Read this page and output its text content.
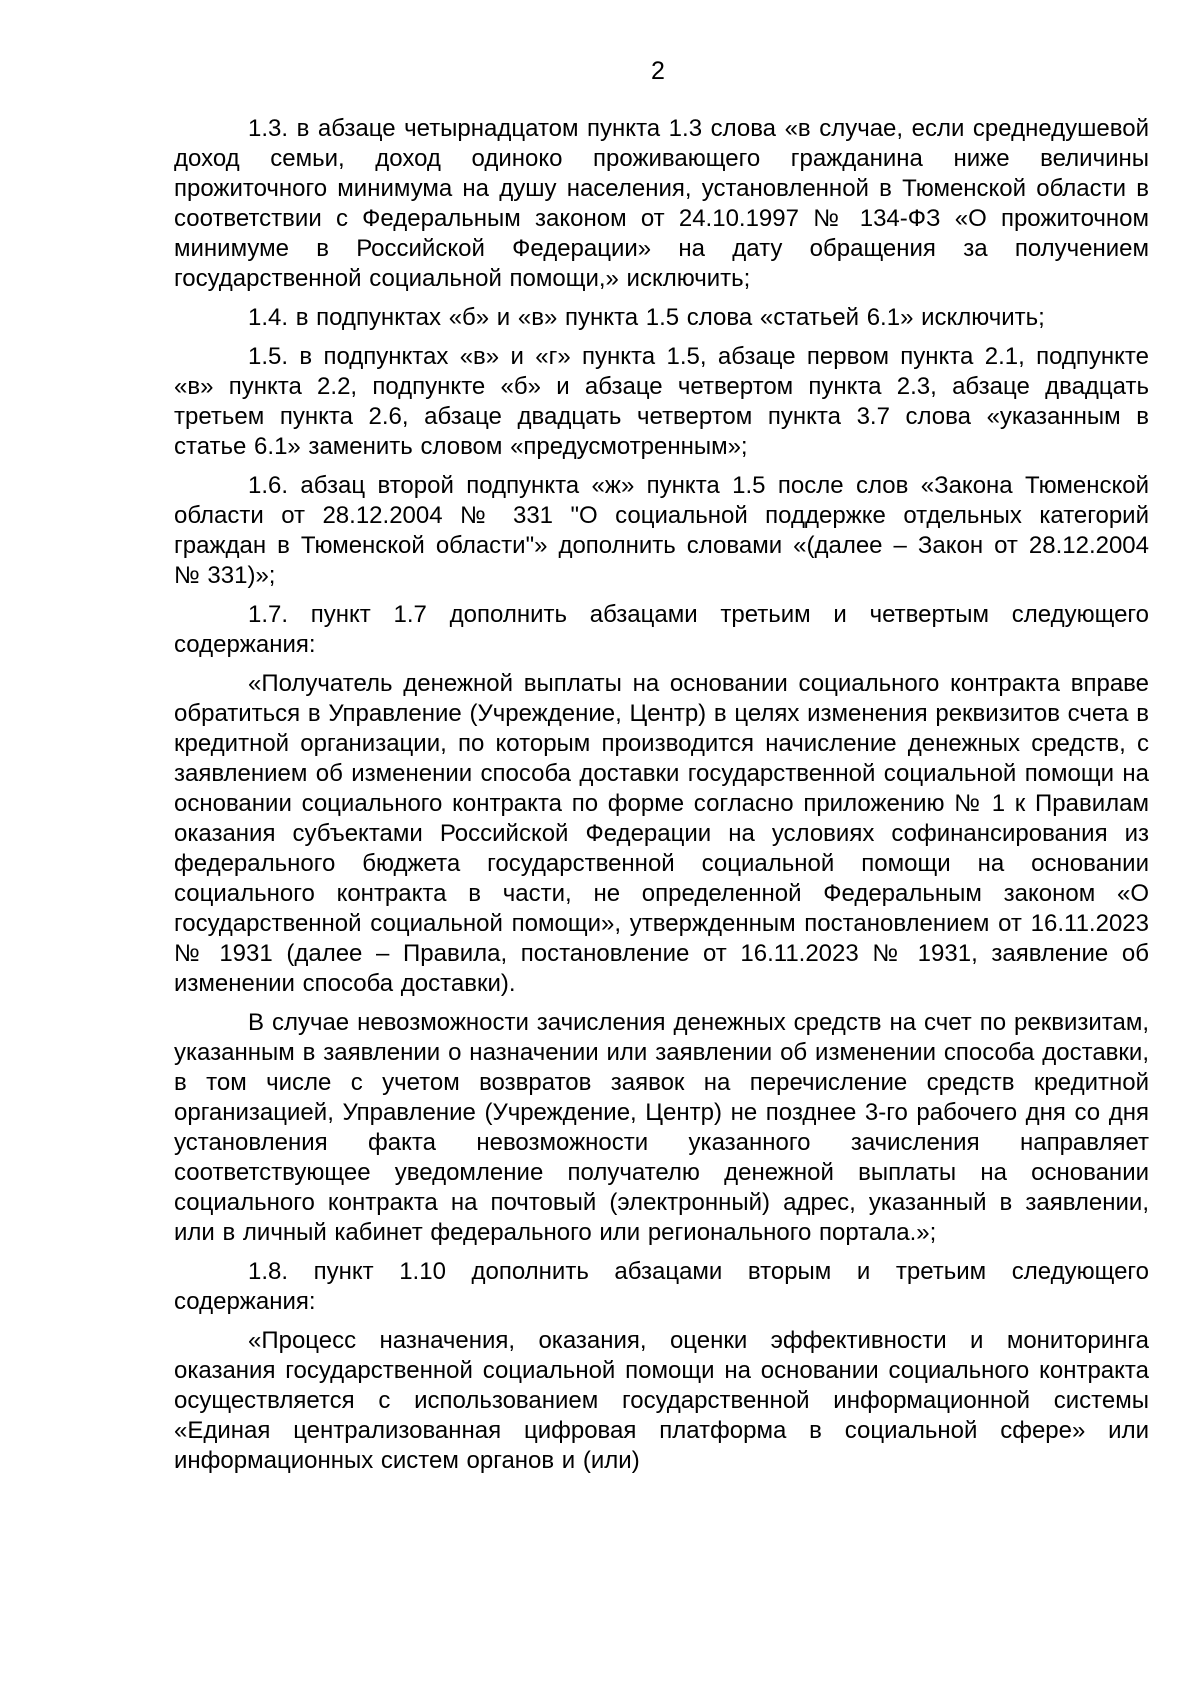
2

1.3. в абзаце четырнадцатом пункта 1.3 слова «в случае, если среднедушевой доход семьи, доход одиноко проживающего гражданина ниже величины прожиточного минимума на душу населения, установленной в Тюменской области в соответствии с Федеральным законом от 24.10.1997 № 134-ФЗ «О прожиточном минимуме в Российской Федерации» на дату обращения за получением государственной социальной помощи,» исключить;

1.4. в подпунктах «б» и «в» пункта 1.5 слова «статьей 6.1» исключить;

1.5. в подпунктах «в» и «г» пункта 1.5, абзаце первом пункта 2.1, подпункте «в» пункта 2.2, подпункте «б» и абзаце четвертом пункта 2.3, абзаце двадцать третьем пункта 2.6, абзаце двадцать четвертом пункта 3.7 слова «указанным в статье 6.1» заменить словом «предусмотренным»;

1.6. абзац второй подпункта «ж» пункта 1.5 после слов «Закона Тюменской области от 28.12.2004 № 331 "О социальной поддержке отдельных категорий граждан в Тюменской области"» дополнить словами «(далее – Закон от 28.12.2004 № 331)»;

1.7. пункт 1.7 дополнить абзацами третьим и четвертым следующего содержания:

«Получатель денежной выплаты на основании социального контракта вправе обратиться в Управление (Учреждение, Центр) в целях изменения реквизитов счета в кредитной организации, по которым производится начисление денежных средств, с заявлением об изменении способа доставки государственной социальной помощи на основании социального контракта по форме согласно приложению № 1 к Правилам оказания субъектами Российской Федерации на условиях софинансирования из федерального бюджета государственной социальной помощи на основании социального контракта в части, не определенной Федеральным законом «О государственной социальной помощи», утвержденным постановлением от 16.11.2023 № 1931 (далее – Правила, постановление от 16.11.2023 № 1931, заявление об изменении способа доставки).

В случае невозможности зачисления денежных средств на счет по реквизитам, указанным в заявлении о назначении или заявлении об изменении способа доставки, в том числе с учетом возвратов заявок на перечисление средств кредитной организацией, Управление (Учреждение, Центр) не позднее 3-го рабочего дня со дня установления факта невозможности указанного зачисления направляет соответствующее уведомление получателю денежной выплаты на основании социального контракта на почтовый (электронный) адрес, указанный в заявлении, или в личный кабинет федерального или регионального портала.»;

1.8. пункт 1.10 дополнить абзацами вторым и третьим следующего содержания:

«Процесс назначения, оказания, оценки эффективности и мониторинга оказания государственной социальной помощи на основании социального контракта осуществляется с использованием государственной информационной системы «Единая централизованная цифровая платформа в социальной сфере» или информационных систем органов и (или)
